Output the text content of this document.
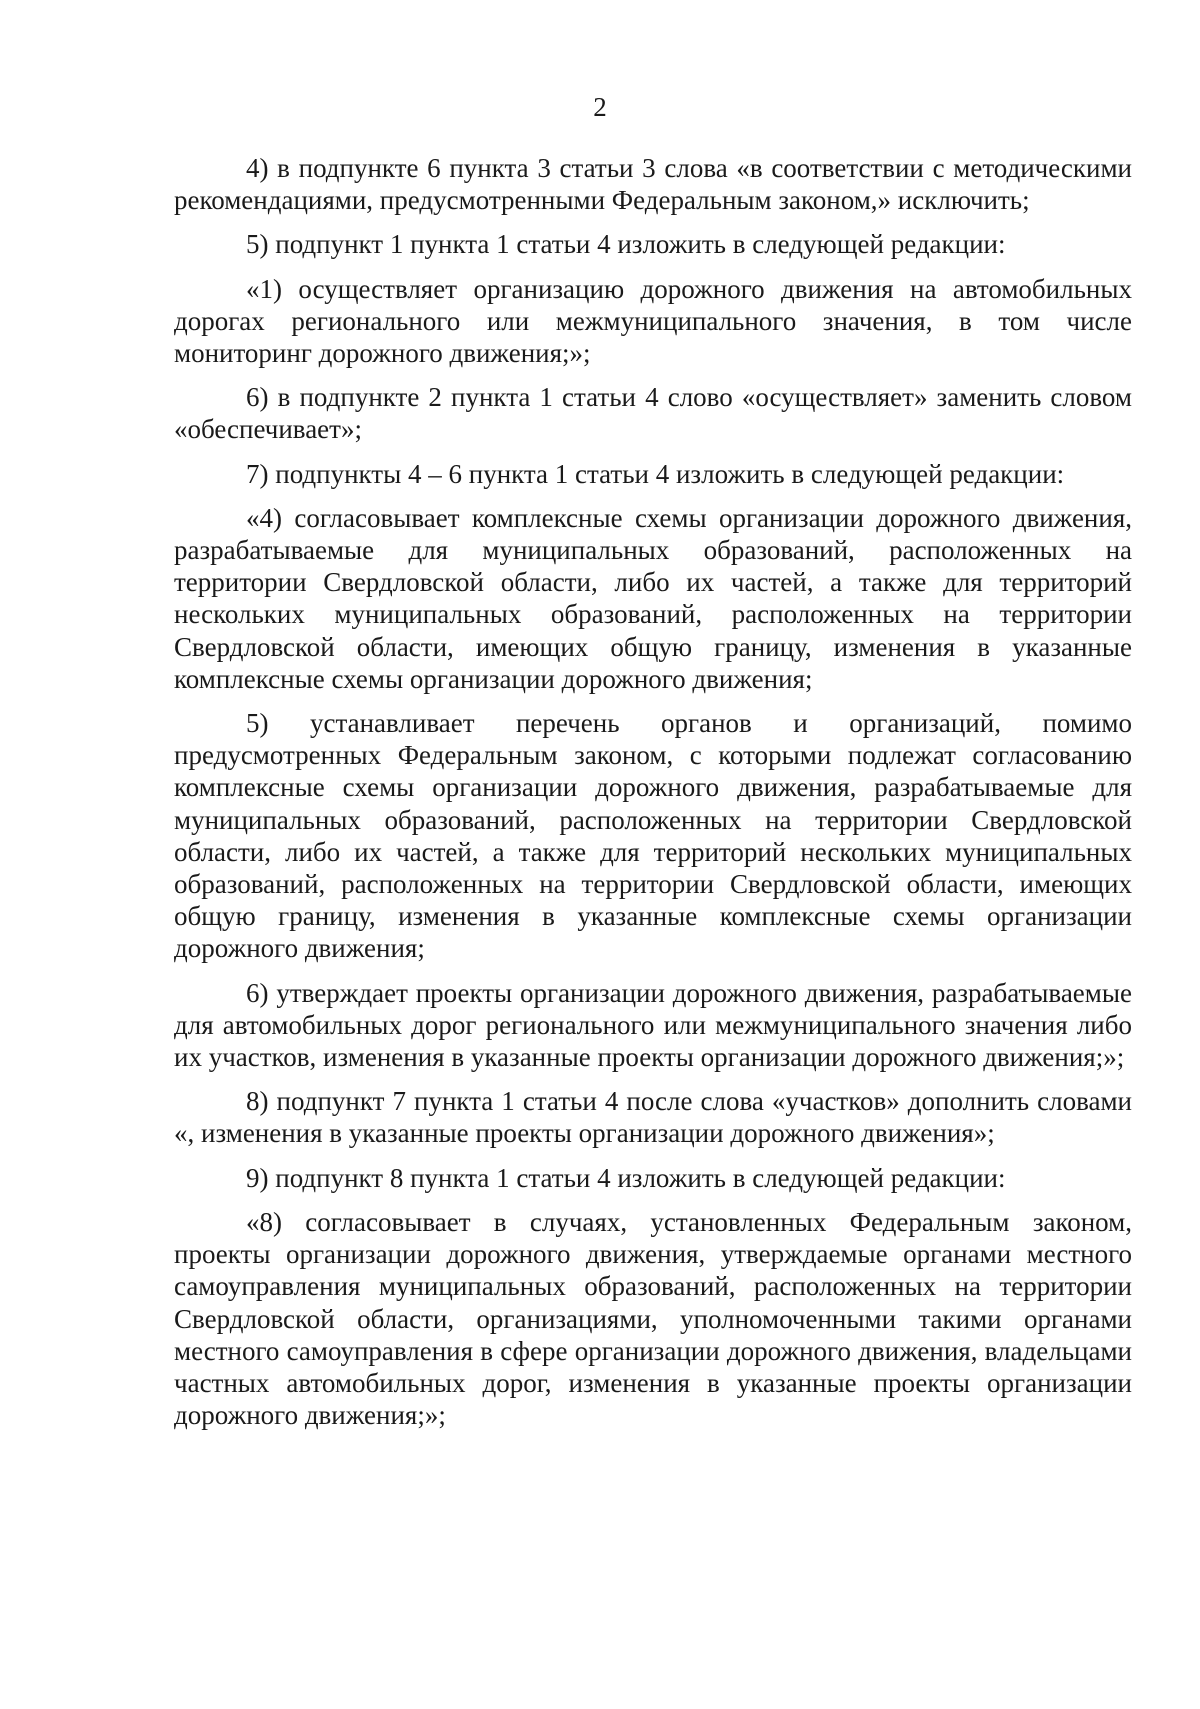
2

4) в подпункте 6 пункта 3 статьи 3 слова «в соответствии с методическими рекомендациями, предусмотренными Федеральным законом,» исключить;

5) подпункт 1 пункта 1 статьи 4 изложить в следующей редакции:

«1) осуществляет организацию дорожного движения на автомобильных дорогах регионального или межмуниципального значения, в том числе мониторинг дорожного движения;»;

6) в подпункте 2 пункта 1 статьи 4 слово «осуществляет» заменить словом «обеспечивает»;

7) подпункты 4 – 6 пункта 1 статьи 4 изложить в следующей редакции:

«4) согласовывает комплексные схемы организации дорожного движения, разрабатываемые для муниципальных образований, расположенных на территории Свердловской области, либо их частей, а также для территорий нескольких муниципальных образований, расположенных на территории Свердловской области, имеющих общую границу, изменения в указанные комплексные схемы организации дорожного движения;

5) устанавливает перечень органов и организаций, помимо предусмотренных Федеральным законом, с которыми подлежат согласованию комплексные схемы организации дорожного движения, разрабатываемые для муниципальных образований, расположенных на территории Свердловской области, либо их частей, а также для территорий нескольких муниципальных образований, расположенных на территории Свердловской области, имеющих общую границу, изменения в указанные комплексные схемы организации дорожного движения;

6) утверждает проекты организации дорожного движения, разрабатываемые для автомобильных дорог регионального или межмуниципального значения либо их участков, изменения в указанные проекты организации дорожного движения;»;

8) подпункт 7 пункта 1 статьи 4 после слова «участков» дополнить словами «, изменения в указанные проекты организации дорожного движения»;

9) подпункт 8 пункта 1 статьи 4 изложить в следующей редакции:

«8) согласовывает в случаях, установленных Федеральным законом, проекты организации дорожного движения, утверждаемые органами местного самоуправления муниципальных образований, расположенных на территории Свердловской области, организациями, уполномоченными такими органами местного самоуправления в сфере организации дорожного движения, владельцами частных автомобильных дорог, изменения в указанные проекты организации дорожного движения;»;
